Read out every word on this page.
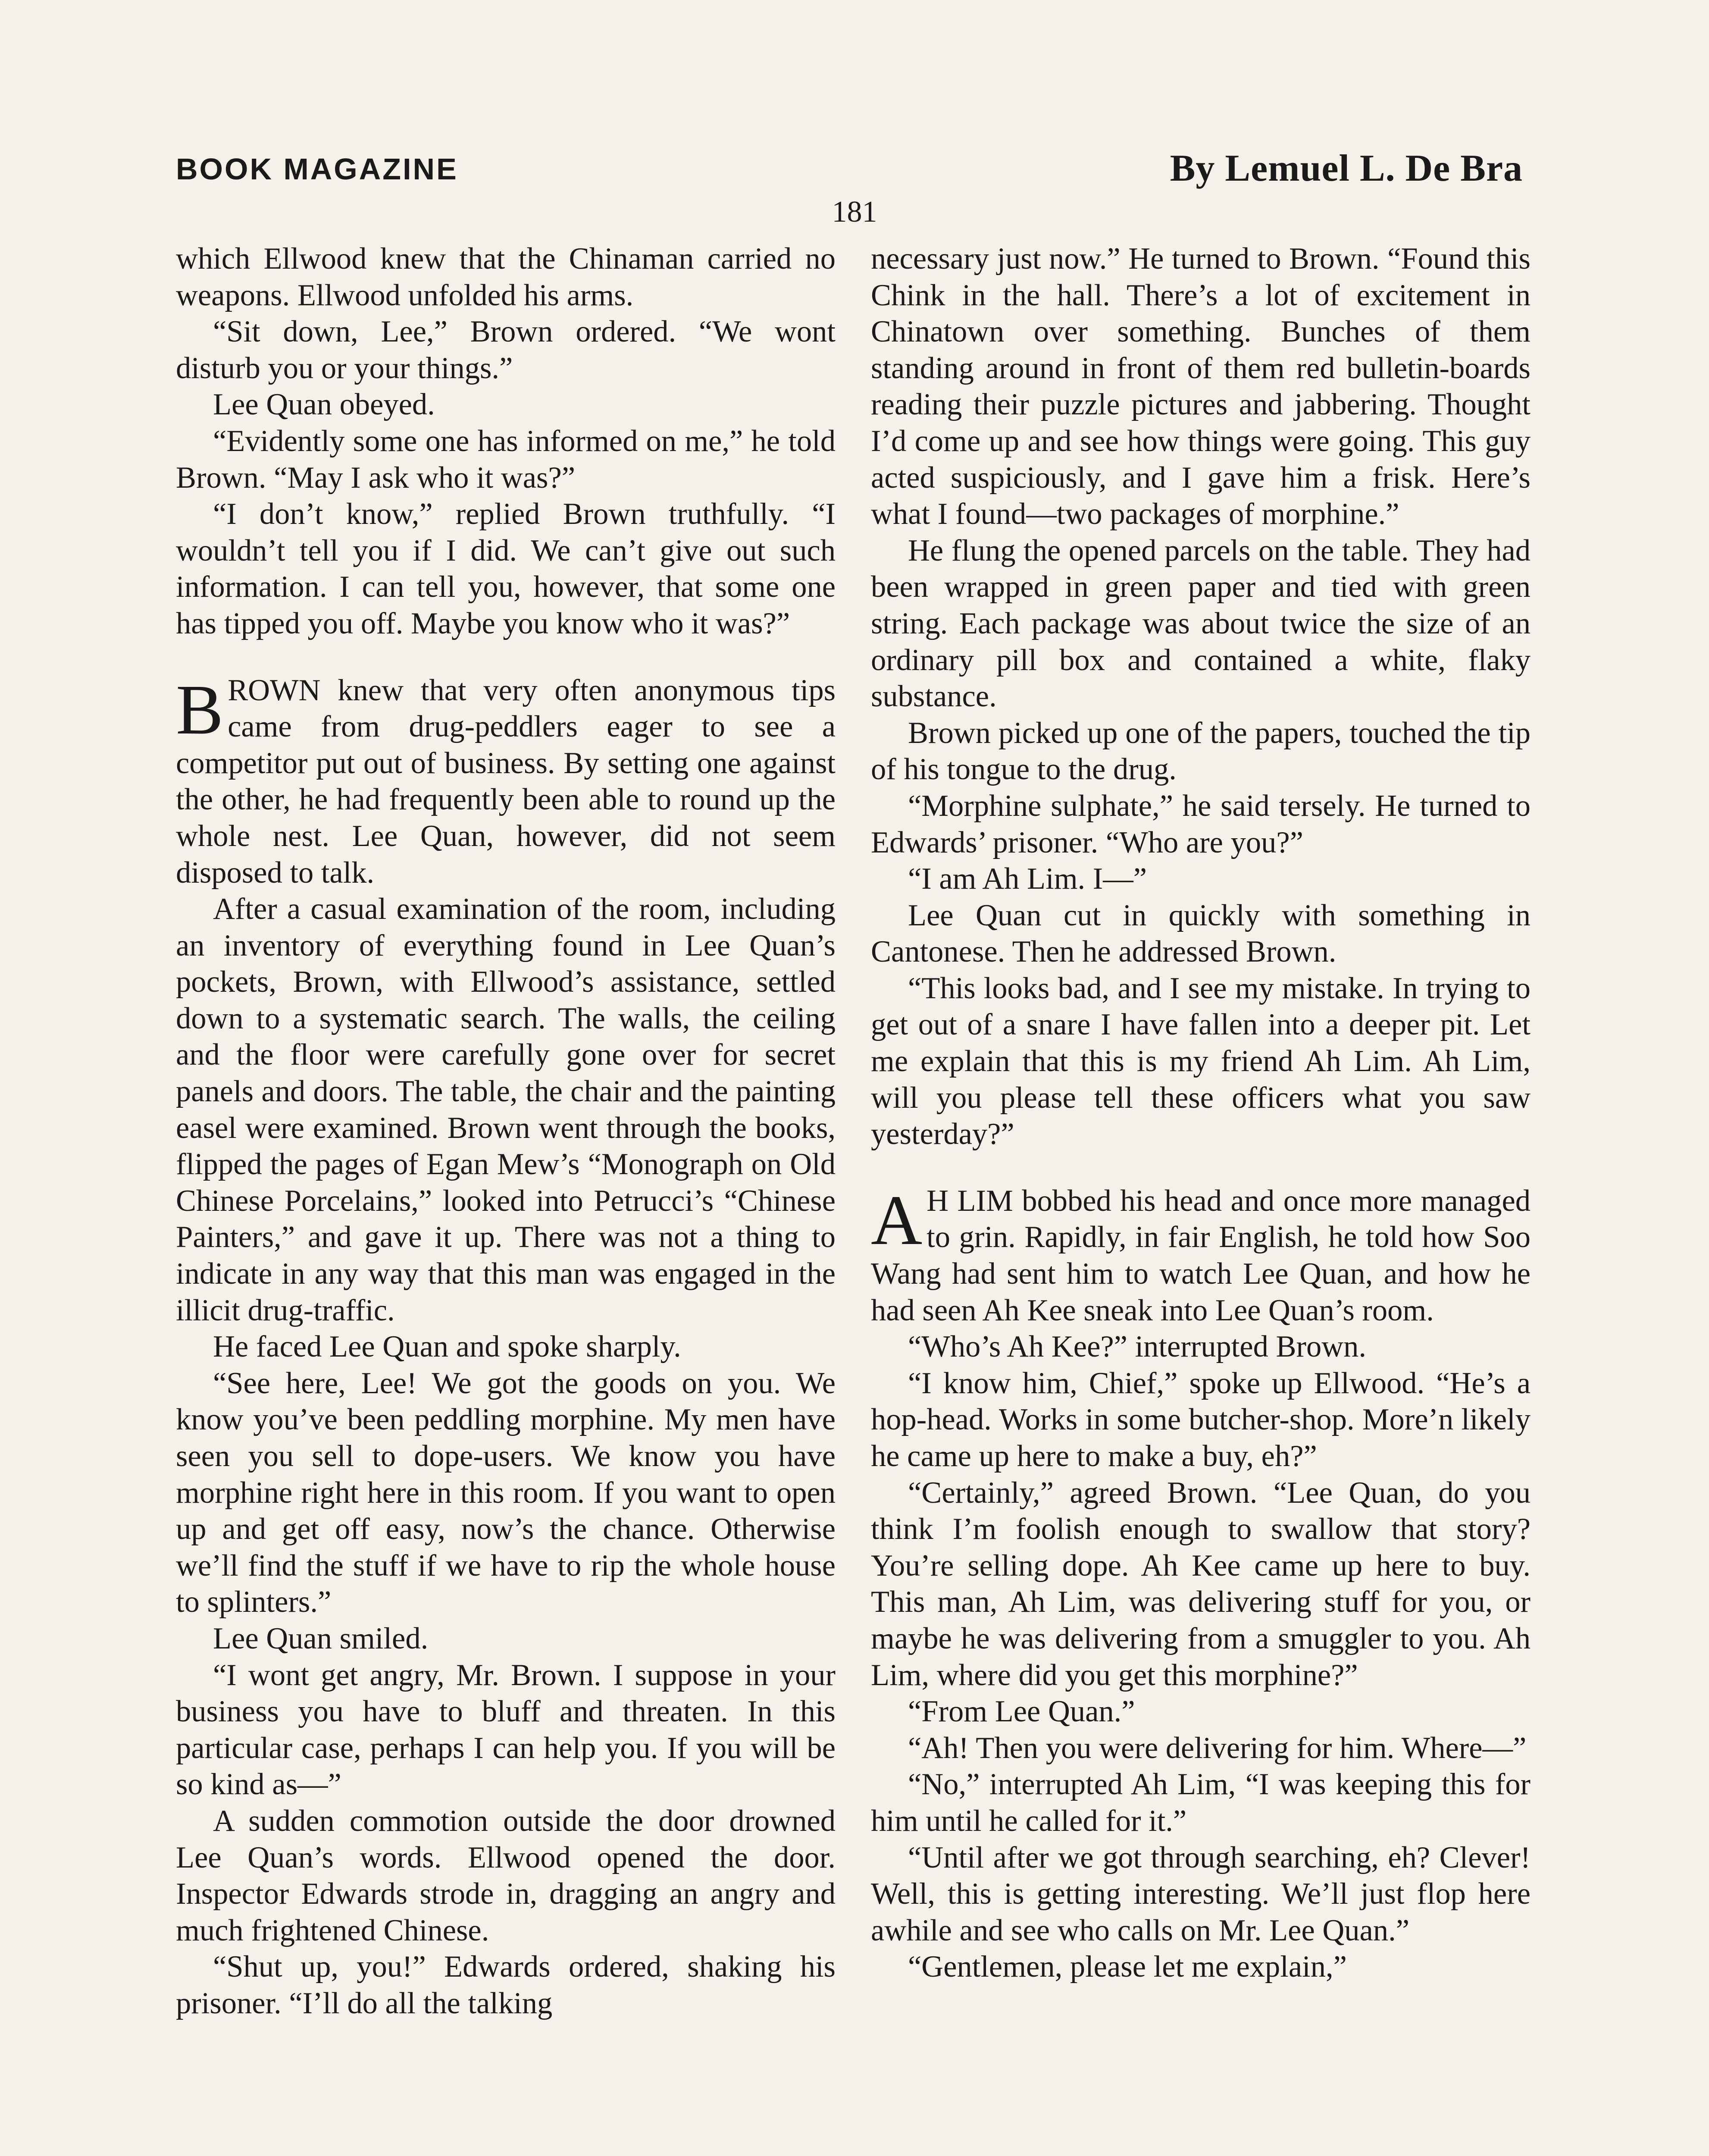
BOOK MAGAZINE	By Lemuel L. De Bra
181

which Ellwood knew that the Chinaman carried no weapons. Ellwood unfolded his arms.

“Sit down, Lee,” Brown ordered. “We wont disturb you or your things.”

Lee Quan obeyed.

“Evidently some one has informed on me,” he told Brown. “May I ask who it was?”

“I don’t know,” replied Brown truthfully. “I wouldn’t tell you if I did. We can’t give out such information. I can tell you, however, that some one has tipped you off. Maybe you know who it was?”

BROWN knew that very often anonymous tips came from drug-peddlers eager to see a competitor put out of business. By setting one against the other, he had frequently been able to round up the whole nest. Lee Quan, however, did not seem disposed to talk.

After a casual examination of the room, including an inventory of everything found in Lee Quan’s pockets, Brown, with Ellwood’s assistance, settled down to a systematic search. The walls, the ceiling and the floor were carefully gone over for secret panels and doors. The table, the chair and the painting easel were examined. Brown went through the books, flipped the pages of Egan Mew’s “Monograph on Old Chinese Porcelains,” looked into Petrucci’s “Chinese Painters,” and gave it up. There was not a thing to indicate in any way that this man was engaged in the illicit drug-traffic.

He faced Lee Quan and spoke sharply.

“See here, Lee! We got the goods on you. We know you’ve been peddling morphine. My men have seen you sell to dope-users. We know you have morphine right here in this room. If you want to open up and get off easy, now’s the chance. Otherwise we’ll find the stuff if we have to rip the whole house to splinters.”

Lee Quan smiled.

“I wont get angry, Mr. Brown. I suppose in your business you have to bluff and threaten. In this particular case, perhaps I can help you. If you will be so kind as—”

A sudden commotion outside the door drowned Lee Quan’s words. Ellwood opened the door. Inspector Edwards strode in, dragging an angry and much frightened Chinese.

“Shut up, you!” Edwards ordered, shaking his prisoner. “I’ll do all the talking

necessary just now.” He turned to Brown. “Found this Chink in the hall. There’s a lot of excitement in Chinatown over something. Bunches of them standing around in front of them red bulletin-boards reading their puzzle pictures and jabbering. Thought I’d come up and see how things were going. This guy acted suspiciously, and I gave him a frisk. Here’s what I found—two packages of morphine.”

He flung the opened parcels on the table. They had been wrapped in green paper and tied with green string. Each package was about twice the size of an ordinary pill box and contained a white, flaky substance.

Brown picked up one of the papers, touched the tip of his tongue to the drug.

“Morphine sulphate,” he said tersely. He turned to Edwards’ prisoner. “Who are you?”

“I am Ah Lim. I—”

Lee Quan cut in quickly with something in Cantonese. Then he addressed Brown.

“This looks bad, and I see my mistake. In trying to get out of a snare I have fallen into a deeper pit. Let me explain that this is my friend Ah Lim. Ah Lim, will you please tell these officers what you saw yesterday?”

A H LIM bobbed his head and once more managed to grin. Rapidly, in fair English, he told how Soo Wang had sent him to watch Lee Quan, and how he had seen Ah Kee sneak into Lee Quan’s room.

“Who’s Ah Kee?” interrupted Brown.

“I know him, Chief,” spoke up Ellwood. “He’s a hop-head. Works in some butcher-shop. More’n likely he came up here to make a buy, eh?”

“Certainly,” agreed Brown. “Lee Quan, do you think I’m foolish enough to swallow that story? You’re selling dope. Ah Kee came up here to buy. This man, Ah Lim, was delivering stuff for you, or maybe he was delivering from a smuggler to you. Ah Lim, where did you get this morphine?”

“From Lee Quan.”

“Ah! Then you were delivering for him. Where—”

“No,” interrupted Ah Lim, “I was keeping this for him until he called for it.”

“Until after we got through searching, eh? Clever! Well, this is getting interesting. We’ll just flop here awhile and see who calls on Mr. Lee Quan.”

“Gentlemen, please let me explain,”
